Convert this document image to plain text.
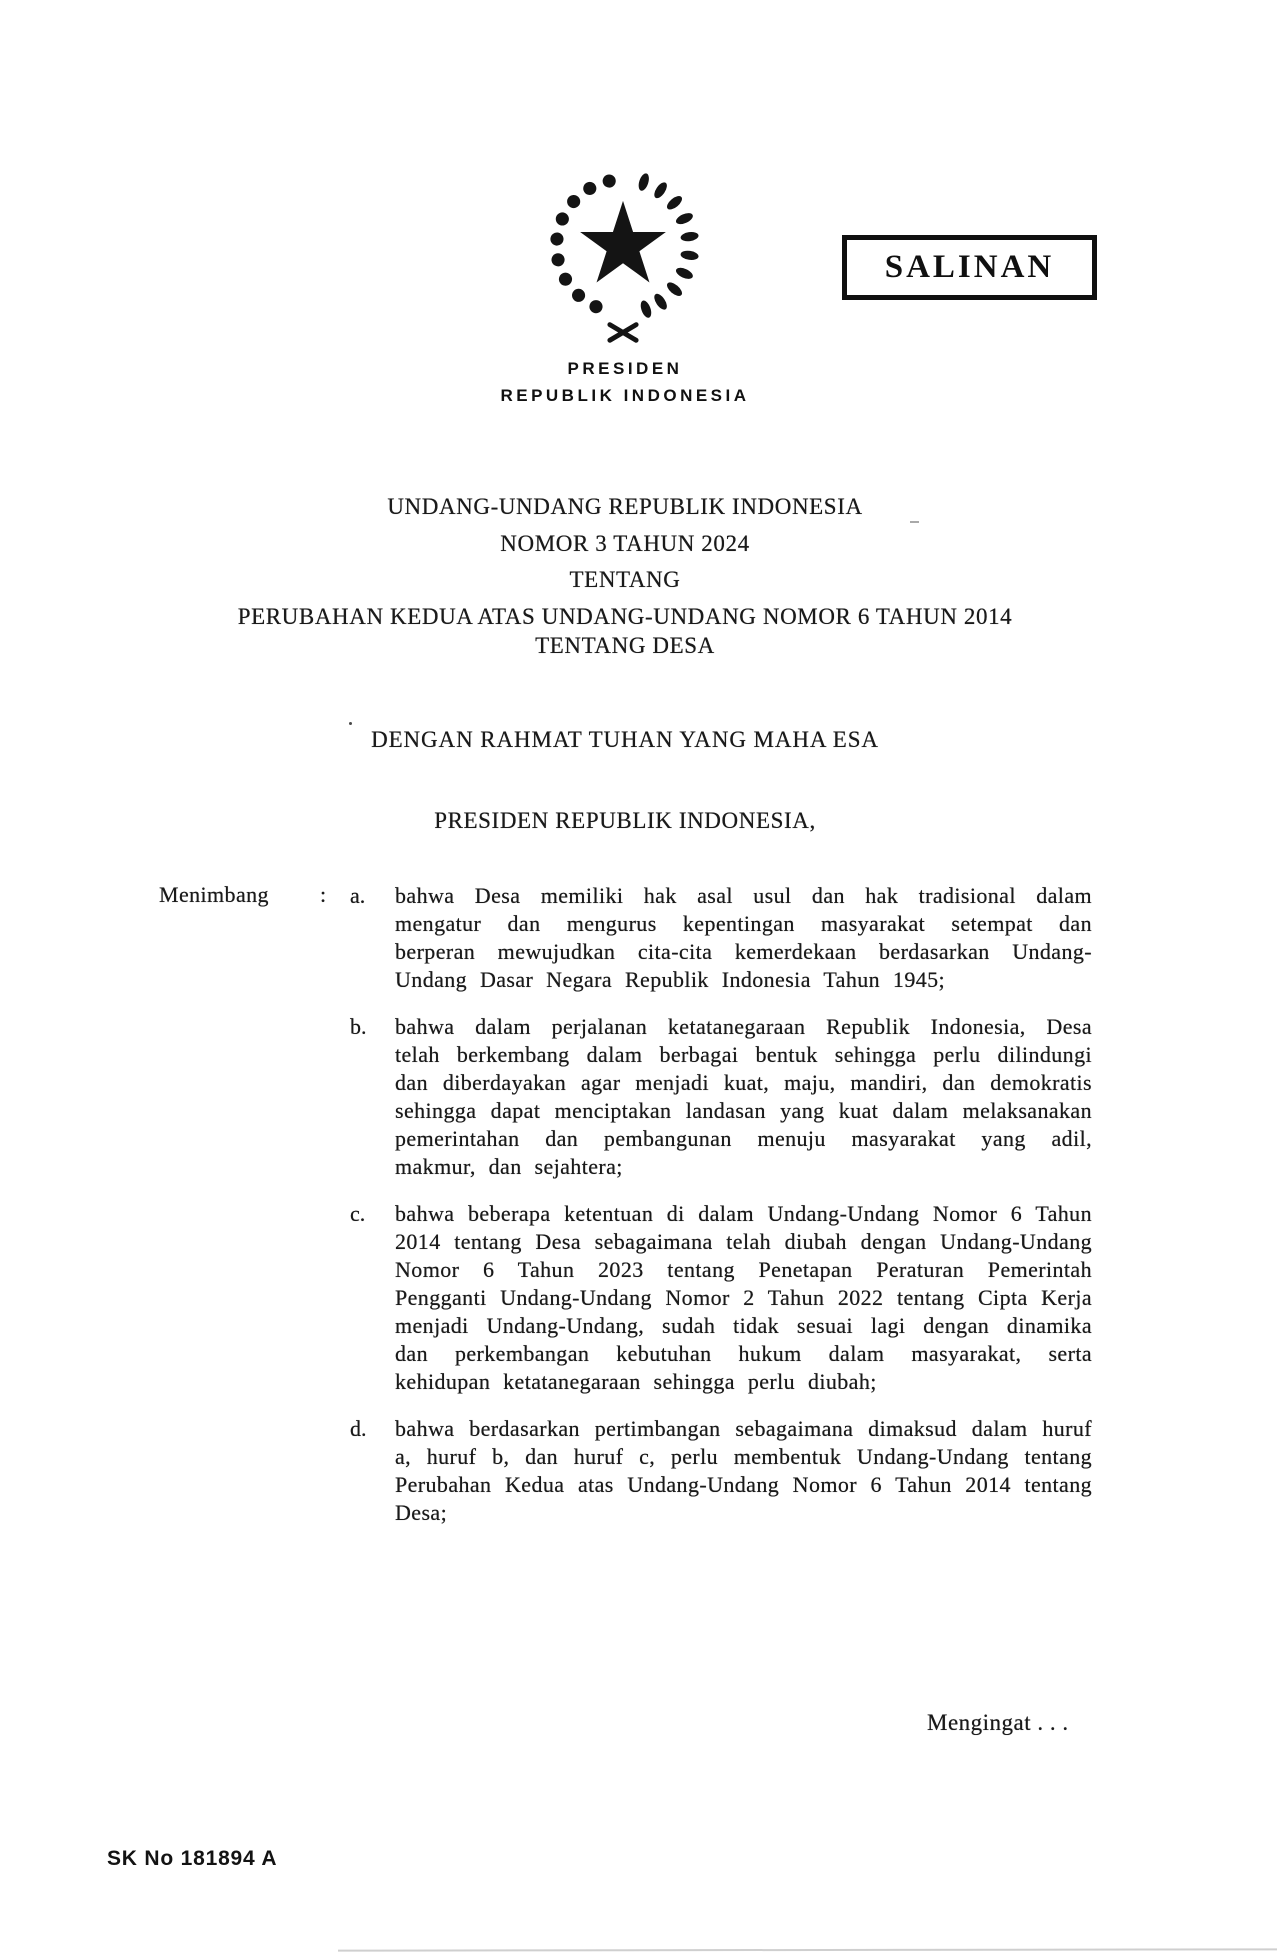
SALINAN
PRESIDEN
REPUBLIK INDONESIA
UNDANG-UNDANG REPUBLIK INDONESIA
NOMOR 3 TAHUN 2024
TENTANG
PERUBAHAN KEDUA ATAS UNDANG-UNDANG NOMOR 6 TAHUN 2014
TENTANG DESA
DENGAN RAHMAT TUHAN YANG MAHA ESA
PRESIDEN REPUBLIK INDONESIA,
Menimbang : a.	bahwa Desa memiliki hak asal usul dan hak tradisional dalam mengatur dan mengurus kepentingan masyarakat setempat dan berperan mewujudkan cita-cita kemerdekaan berdasarkan Undang-Undang Dasar Negara Republik Indonesia Tahun 1945;
b.	bahwa dalam perjalanan ketatanegaraan Republik Indonesia, Desa telah berkembang dalam berbagai bentuk sehingga perlu dilindungi dan diberdayakan agar menjadi kuat, maju, mandiri, dan demokratis sehingga dapat menciptakan landasan yang kuat dalam melaksanakan pemerintahan dan pembangunan menuju masyarakat yang adil, makmur, dan sejahtera;
c.	bahwa beberapa ketentuan di dalam Undang-Undang Nomor 6 Tahun 2014 tentang Desa sebagaimana telah diubah dengan Undang-Undang Nomor 6 Tahun 2023 tentang Penetapan Peraturan Pemerintah Pengganti Undang-Undang Nomor 2 Tahun 2022 tentang Cipta Kerja menjadi Undang-Undang, sudah tidak sesuai lagi dengan dinamika dan perkembangan kebutuhan hukum dalam masyarakat, serta kehidupan ketatanegaraan sehingga perlu diubah;
d.	bahwa berdasarkan pertimbangan sebagaimana dimaksud dalam huruf a, huruf b, dan huruf c, perlu membentuk Undang-Undang tentang Perubahan Kedua atas Undang-Undang Nomor 6 Tahun 2014 tentang Desa;
Mengingat . . .
SK No 181894 A
